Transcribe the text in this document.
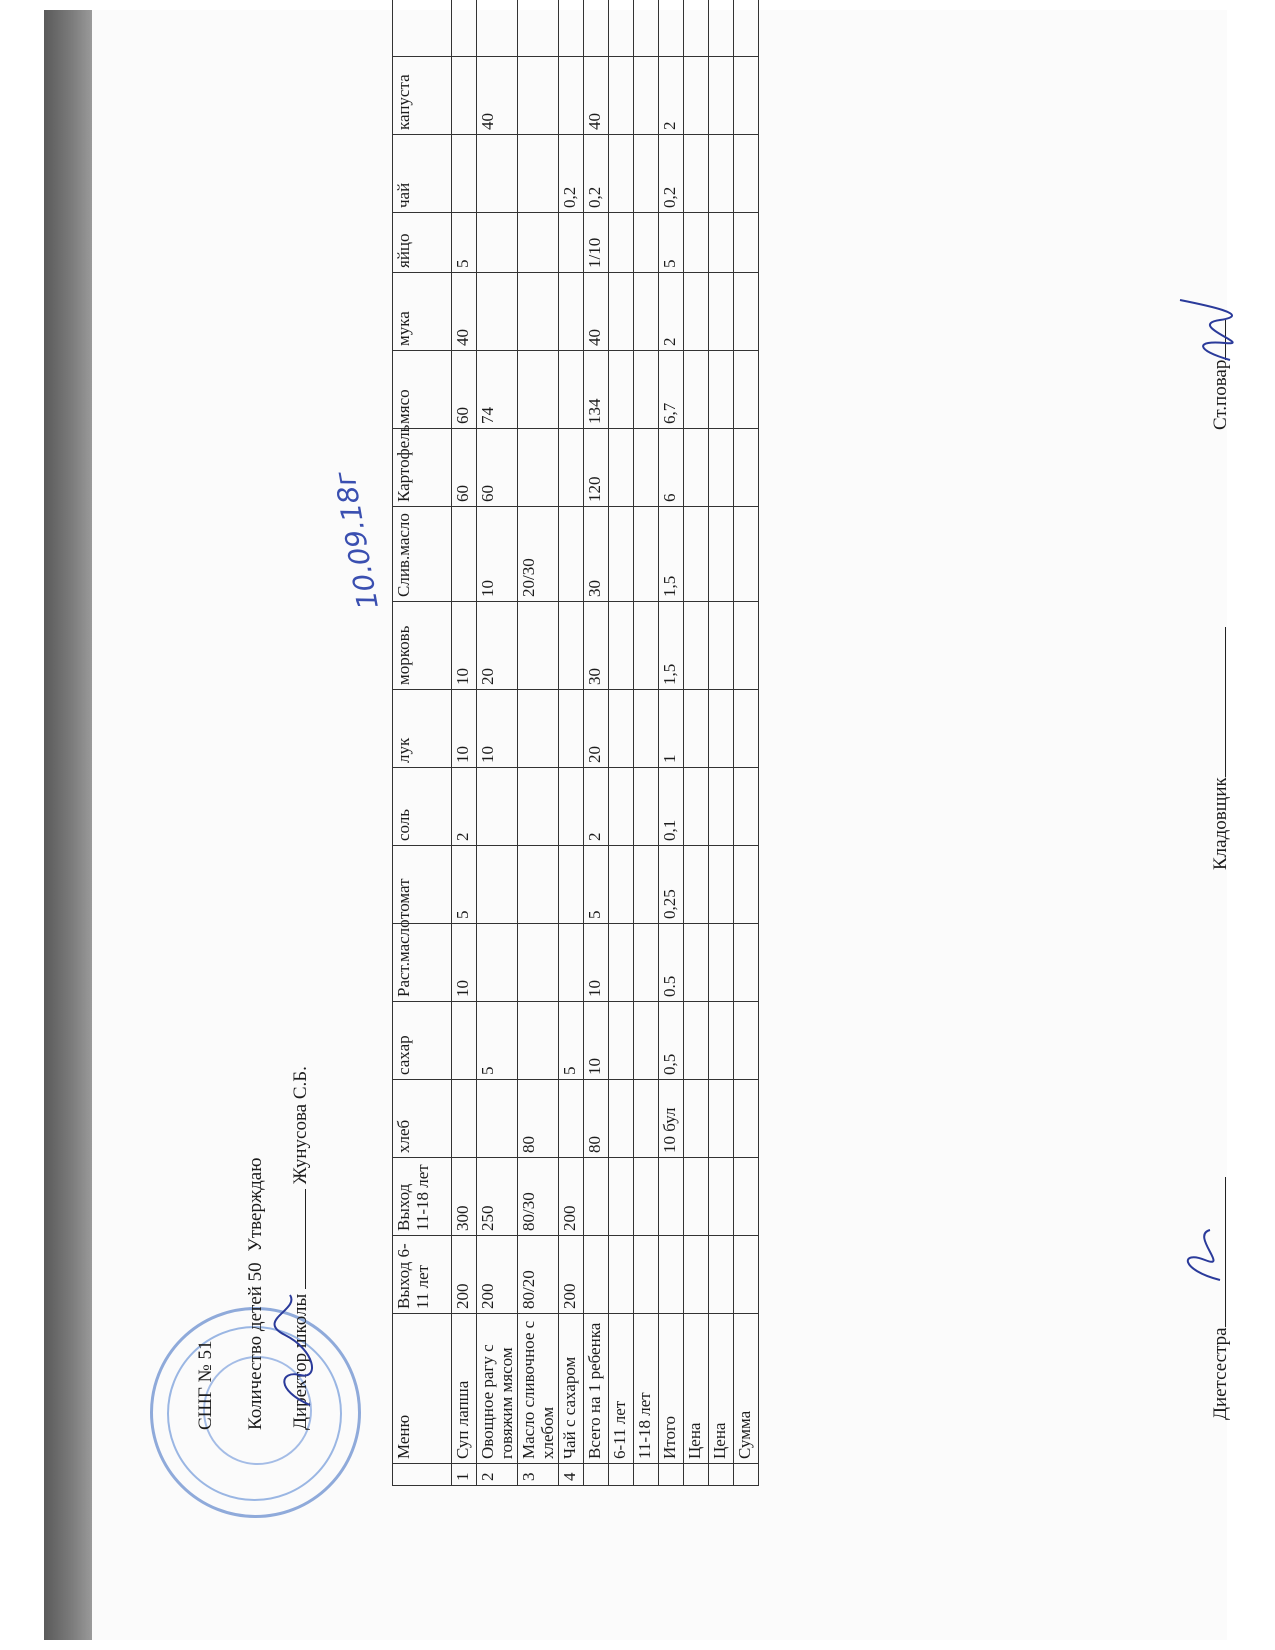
СШГ № 51 Количество детей 50 Утверждаю
Директор школы  Жунусова С.Б.
10.09.18г
	Меню	Выход 6-11 лет	Выход 11-18 лет	хлеб	сахар	Раст.масло	томат	соль	лук	морковь	Слив.масло	Картофель	мясо	мука	яйцо	чай	капуста	
1	Суп лапша	200	300			10	5	2	10	10		60	60	40	5			
2	Овощное рагу с говяжим мясом	200	250		5				10	20	10	60	74				40	
3	Масло сливочное с хлебом	80/20	80/30	80							20/30							
4	Чай с сахаром	200	200		5											0,2		
	Всего на 1 ребенка			80	10	10	5	2	20	30	30	120	134	40	1/10	0,2	40	
	6-11 лет																	
	11-18 лет																	
	Итого			10 бул	0,5	0.5	0,25	0,1	1	1,5	1,5	6	6,7	2	5	0,2	2	
	Цена																	
	Цена																	
	Сумма																	
Диетсестра
Кладовщик
Ст.повар
